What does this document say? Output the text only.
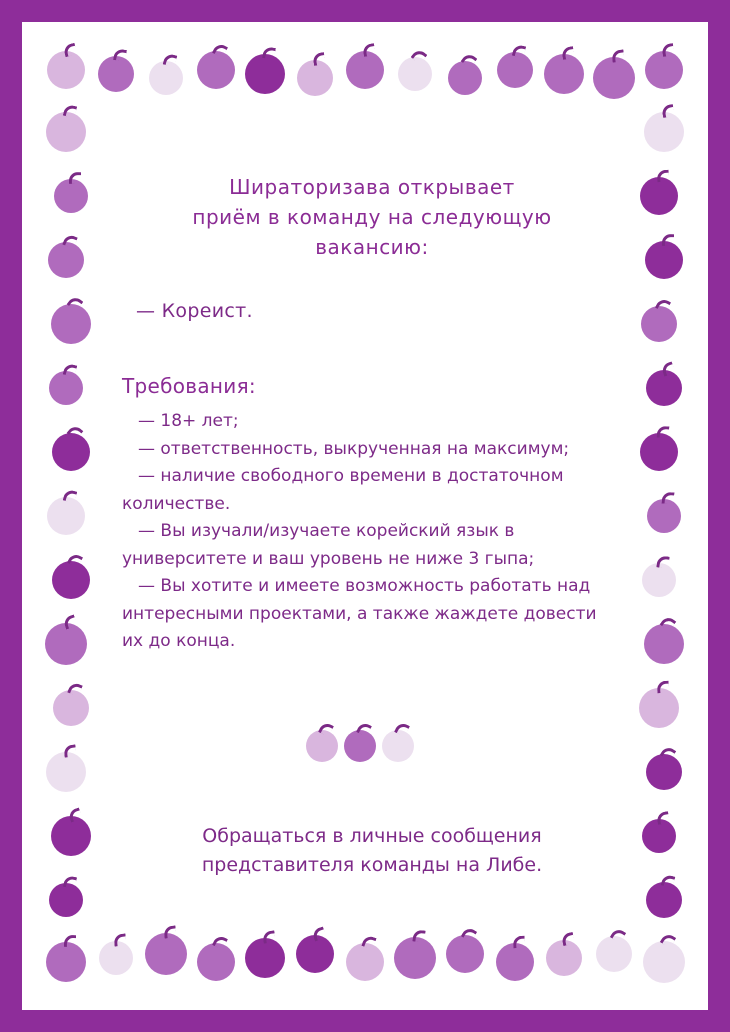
Шираторизава открывает
приём в команду на следующую
вакансию:
— Кореист.
Требования:
— 18+ лет;
— ответственность, выкрученная на максимум;
— наличие свободного времени в достаточном количестве.
— Вы изучали/изучаете корейский язык в университете и ваш уровень не ниже 3 гыпа;
— Вы хотите и имеете возможность работать над интересными проектами, а также жаждете довести их до конца.
Обращаться в личные сообщения
представителя команды на Либе.
